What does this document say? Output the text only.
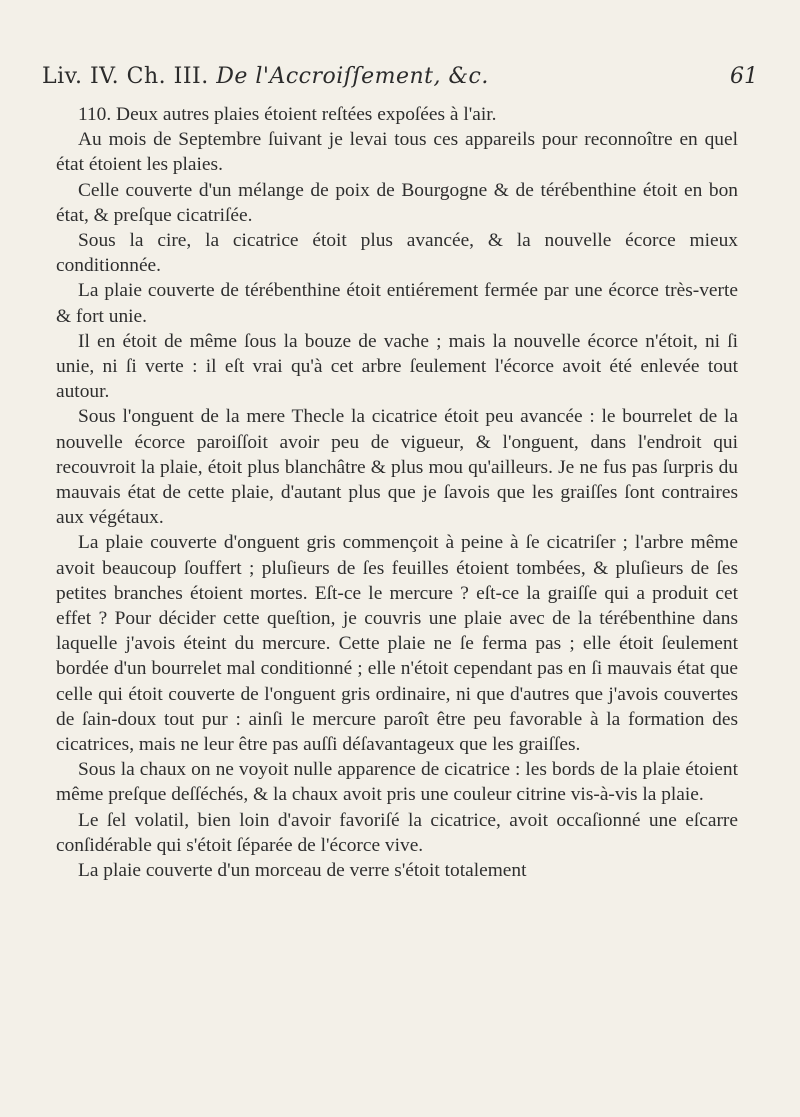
Liv. IV. Ch. III. De l'Accroiſſement, &c.	61

110. Deux autres plaies étoient reſtées expoſées à l'air.

Au mois de Septembre ſuivant je levai tous ces appareils pour reconnoître en quel état étoient les plaies.

Celle couverte d'un mélange de poix de Bourgogne & de térébenthine étoit en bon état, & preſque cicatriſée.

Sous la cire, la cicatrice étoit plus avancée, & la nouvelle écorce mieux conditionnée.

La plaie couverte de térébenthine étoit entiérement fermée par une écorce très-verte & fort unie.

Il en étoit de même ſous la bouze de vache ; mais la nouvelle écorce n'étoit, ni ſi unie, ni ſi verte : il eſt vrai qu'à cet arbre ſeulement l'écorce avoit été enlevée tout autour.

Sous l'onguent de la mere Thecle la cicatrice étoit peu avancée : le bourrelet de la nouvelle écorce paroiſſoit avoir peu de vigueur, & l'onguent, dans l'endroit qui recouvroit la plaie, étoit plus blanchâtre & plus mou qu'ailleurs. Je ne fus pas ſurpris du mauvais état de cette plaie, d'autant plus que je ſavois que les graiſſes ſont contraires aux végétaux.

La plaie couverte d'onguent gris commençoit à peine à ſe cicatriſer ; l'arbre même avoit beaucoup ſouffert ; pluſieurs de ſes feuilles étoient tombées, & pluſieurs de ſes petites branches étoient mortes. Eſt-ce le mercure ? eſt-ce la graiſſe qui a produit cet effet ? Pour décider cette queſtion, je couvris une plaie avec de la térébenthine dans laquelle j'avois éteint du mercure. Cette plaie ne ſe ferma pas ; elle étoit ſeulement bordée d'un bourrelet mal conditionné ; elle n'étoit cependant pas en ſi mauvais état que celle qui étoit couverte de l'onguent gris ordinaire, ni que d'autres que j'avois couvertes de ſain-doux tout pur : ainſi le mercure paroît être peu favorable à la formation des cicatrices, mais ne leur être pas auſſi déſavantageux que les graiſſes.

Sous la chaux on ne voyoit nulle apparence de cicatrice : les bords de la plaie étoient même preſque deſſéchés, & la chaux avoit pris une couleur citrine vis-à-vis la plaie.

Le ſel volatil, bien loin d'avoir favoriſé la cicatrice, avoit occaſionné une eſcarre conſidérable qui s'étoit ſéparée de l'écorce vive.

La plaie couverte d'un morceau de verre s'étoit totalement
